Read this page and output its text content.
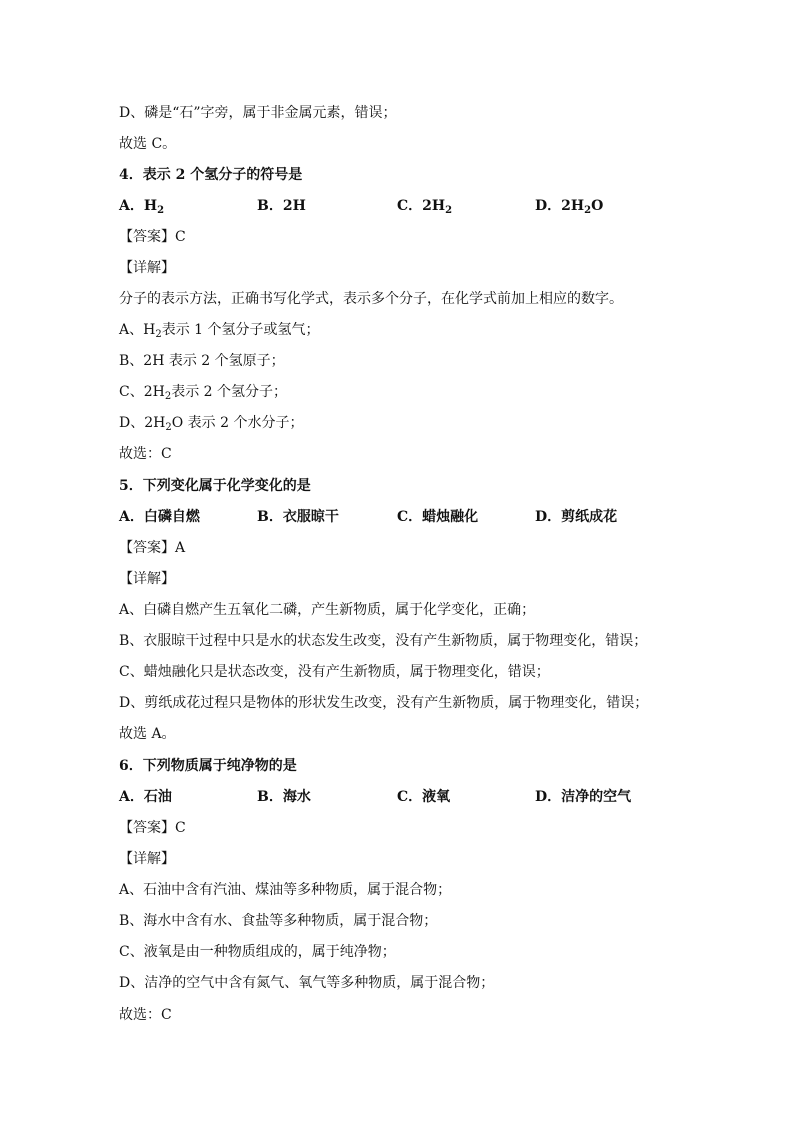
D、磷是“石”字旁，属于非金属元素，错误；
故选 C。
4．表示 2 个氢分子的符号是
A．$H_2$	B．2H	C．$2H_2$	D．$2H_2O$
【答案】C
【详解】
分子的表示方法，正确书写化学式，表示多个分子，在化学式前加上相应的数字。
A、$H_2$表示 1 个氢分子或氢气；
B、2H 表示 2 个氢原子；
C、$2H_2$表示 2 个氢分子；
D、$2H_2O$ 表示 2 个水分子；
故选：C
5．下列变化属于化学变化的是
A．白磷自燃	B．衣服晾干	C．蜡烛融化	D．剪纸成花
【答案】A
【详解】
A、白磷自燃产生五氧化二磷，产生新物质，属于化学变化，正确；
B、衣服晾干过程中只是水的状态发生改变，没有产生新物质，属于物理变化，错误；
C、蜡烛融化只是状态改变，没有产生新物质，属于物理变化，错误；
D、剪纸成花过程只是物体的形状发生改变，没有产生新物质，属于物理变化，错误；
故选 A。
6．下列物质属于纯净物的是
A．石油	B．海水	C．液氧	D．洁净的空气
【答案】C
【详解】
A、石油中含有汽油、煤油等多种物质，属于混合物；
B、海水中含有水、食盐等多种物质，属于混合物；
C、液氧是由一种物质组成的，属于纯净物；
D、洁净的空气中含有氮气、氧气等多种物质，属于混合物；
故选：C
